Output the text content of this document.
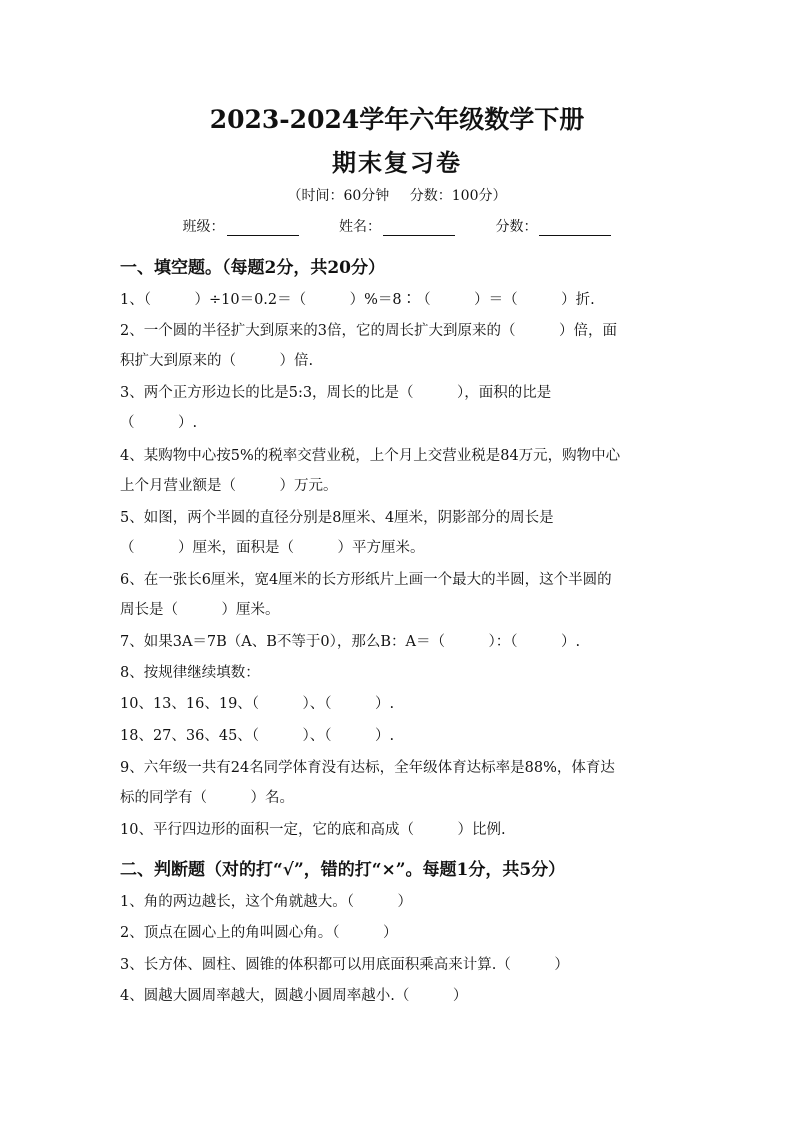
2023-2024学年六年级数学下册
期末复习卷
（时间：60分钟 分数：100分）
班级：	姓名：	分数：
一、填空题。（每题2分，共20分）
1、（　　　）÷10＝0.2＝（　　　）%＝8∶（　　　）＝（　　　）折.
2、一个圆的半径扩大到原来的3倍，它的周长扩大到原来的（　　　）倍，面
积扩大到原来的（　　　）倍.
3、两个正方形边长的比是5:3，周长的比是（　　　），面积的比是
（　　　）.
4、某购物中心按5%的税率交营业税，上个月上交营业税是84万元，购物中心
上个月营业额是（　　　）万元。
5、如图，两个半圆的直径分别是8厘米、4厘米，阴影部分的周长是
（　　　）厘米，面积是（　　　）平方厘米。
6、在一张长6厘米，宽4厘米的长方形纸片上画一个最大的半圆，这个半圆的
周长是（　　　）厘米。
7、如果3A＝7B（A、B不等于0），那么B：A＝（　　　）：（　　　）.
8、按规律继续填数：
10、13、16、19、（　　　）、（　　　）.
18、27、36、45、（　　　）、（　　　）.
9、六年级一共有24名同学体育没有达标，全年级体育达标率是88%，体育达
标的同学有（　　　）名。
10、平行四边形的面积一定，它的底和高成（　　　）比例.
二、判断题（对的打“√”，错的打“×”。每题1分，共5分）
1、角的两边越长，这个角就越大。（　　　）
2、顶点在圆心上的角叫圆心角。（　　　）
3、长方体、圆柱、圆锥的体积都可以用底面积乘高来计算.（　　　）
4、圆越大圆周率越大，圆越小圆周率越小.（　　　）
